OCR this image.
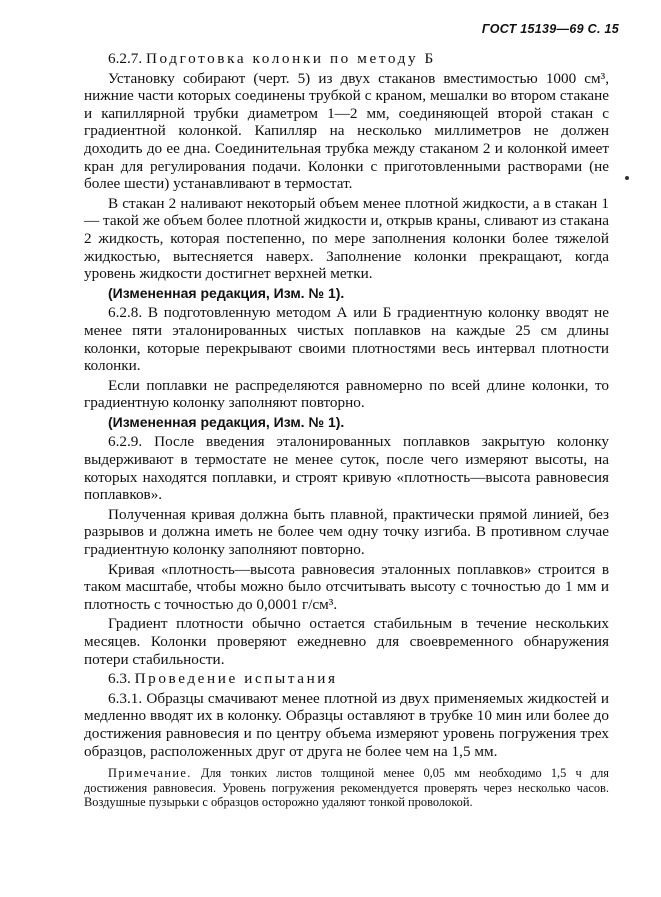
ГОСТ 15139—69 С. 15

6.2.7. Подготовка колонки по методу Б

Установку собирают (черт. 5) из двух стаканов вместимостью 1000 см³, нижние части которых соединены трубкой с краном, мешалки во втором стакане и капиллярной трубки диаметром 1—2 мм, соединяющей второй стакан с градиентной колонкой. Капилляр на несколько миллиметров не должен доходить до ее дна. Соединительная трубка между стаканом 2 и колонкой имеет кран для регулирования подачи. Колонки с приготовленными растворами (не более шести) устанавливают в термостат.

В стакан 2 наливают некоторый объем менее плотной жидкости, а в стакан 1 — такой же объем более плотной жидкости и, открыв краны, сливают из стакана 2 жидкость, которая постепенно, по мере заполнения колонки более тяжелой жидкостью, вытесняется наверх. Заполнение колонки прекращают, когда уровень жидкости достигнет верхней метки.

(Измененная редакция, Изм. № 1).

6.2.8. В подготовленную методом А или Б градиентную колонку вводят не менее пяти эталонированных чистых поплавков на каждые 25 см длины колонки, которые перекрывают своими плотностями весь интервал плотности колонки.

Если поплавки не распределяются равномерно по всей длине колонки, то градиентную колонку заполняют повторно.

(Измененная редакция, Изм. № 1).

6.2.9. После введения эталонированных поплавков закрытую колонку выдерживают в термостате не менее суток, после чего измеряют высоты, на которых находятся поплавки, и строят кривую «плотность—высота равновесия поплавков».

Полученная кривая должна быть плавной, практически прямой линией, без разрывов и должна иметь не более чем одну точку изгиба. В противном случае градиентную колонку заполняют повторно.

Кривая «плотность—высота равновесия эталонных поплавков» строится в таком масштабе, чтобы можно было отсчитывать высоту с точностью до 1 мм и плотность с точностью до 0,0001 г/см³.

Градиент плотности обычно остается стабильным в течение нескольких месяцев. Колонки проверяют ежедневно для своевременного обнаружения потери стабильности.

6.3. Проведение испытания

6.3.1. Образцы смачивают менее плотной из двух применяемых жидкостей и медленно вводят их в колонку. Образцы оставляют в трубке 10 мин или более до достижения равновесия и по центру объема измеряют уровень погружения трех образцов, расположенных друг от друга не более чем на 1,5 мм.

Примечание. Для тонких листов толщиной менее 0,05 мм необходимо 1,5 ч для достижения равновесия. Уровень погружения рекомендуется проверять через несколько часов. Воздушные пузырьки с образцов осторожно удаляют тонкой проволокой.
